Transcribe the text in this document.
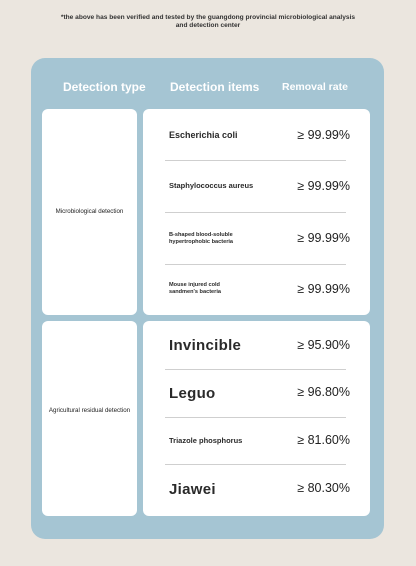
*the above has been verified and tested by the guangdong provincial microbiological analysis and detection center
Detection type Detection items Removal rate
Microbiological detection
Escherichia coli	≥ 99.99%
Staphylococcus aureus	≥ 99.99%
B-shaped blood-soluble hypertrophobic bacteria	≥ 99.99%
Mouse injured cold sandmen's bacteria	≥ 99.99%
Agricultural residual detection
Invincible	≥ 95.90%
Leguo	≥ 96.80%
Triazole phosphorus	≥ 81.60%
Jiawei	≥ 80.30%
